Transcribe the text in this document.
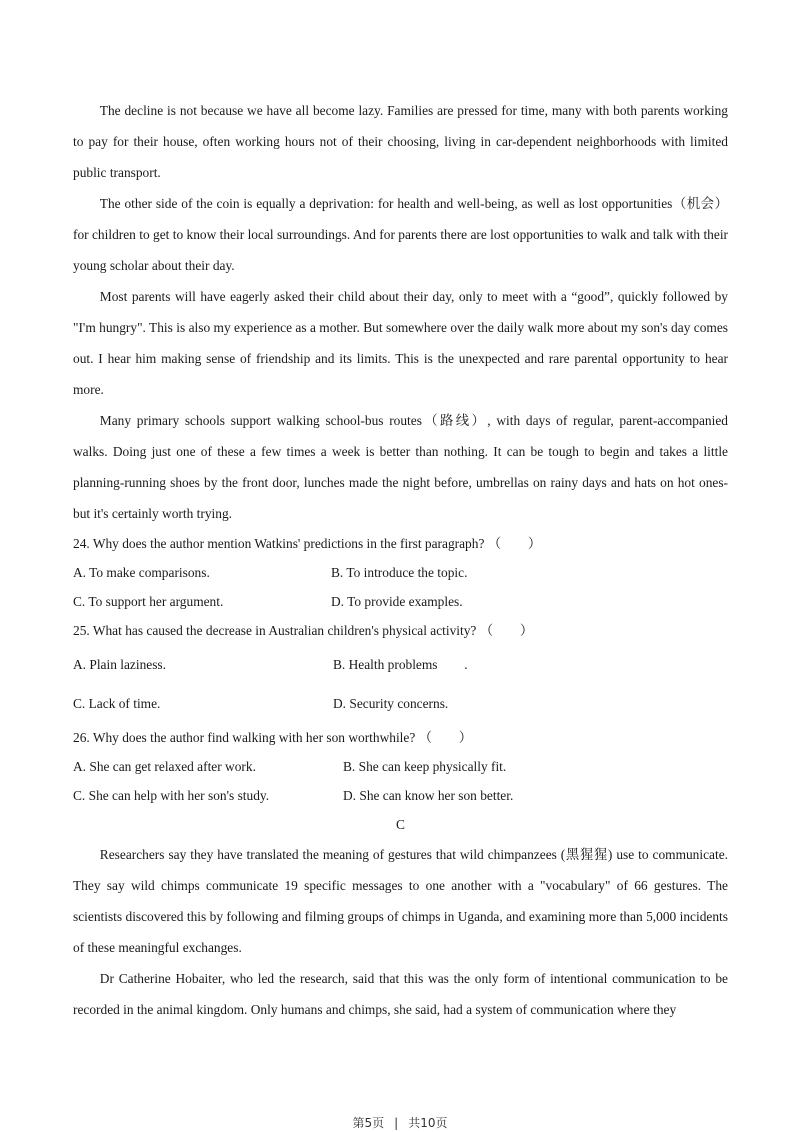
The decline is not because we have all become lazy. Families are pressed for time, many with both parents working to pay for their house, often working hours not of their choosing, living in car-dependent neighborhoods with limited public transport.

The other side of the coin is equally a deprivation: for health and well-being, as well as lost opportunities（机会）for children to get to know their local surroundings. And for parents there are lost opportunities to walk and talk with their young scholar about their day.

Most parents will have eagerly asked their child about their day, only to meet with a “good”, quickly followed by "I'm hungry". This is also my experience as a mother. But somewhere over the daily walk more about my son's day comes out. I hear him making sense of friendship and its limits. This is the unexpected and rare parental opportunity to hear more.

Many primary schools support walking school-bus routes（路线）, with days of regular, parent-accompanied walks. Doing just one of these a few times a week is better than nothing. It can be tough to begin and takes a little planning-running shoes by the front door, lunches made the night before, umbrellas on rainy days and hats on hot ones-but it's certainly worth trying.

24. Why does the author mention Watkins' predictions in the first paragraph? （　　）

A. To make comparisons.	B. To introduce the topic.
C. To support her argument.	D. To provide examples.

25. What has caused the decrease in Australian children's physical activity? （　　）

A. Plain laziness.	B. Health problems　　.
C. Lack of time.	D. Security concerns.

26. Why does the author find walking with her son worthwhile? （　　）

A. She can get relaxed after work.	B. She can keep physically fit.
C. She can help with her son's study.	D. She can know her son better.

C

Researchers say they have translated the meaning of gestures that wild chimpanzees (黑猩猩) use to communicate. They say wild chimps communicate 19 specific messages to one another with a "vocabulary" of 66 gestures. The scientists discovered this by following and filming groups of chimps in Uganda, and examining more than 5,000 incidents of these meaningful exchanges.

Dr Catherine Hobaiter, who led the research, said that this was the only form of intentional communication to be recorded in the animal kingdom. Only humans and chimps, she said, had a system of communication where they

第5页 | 共10页
